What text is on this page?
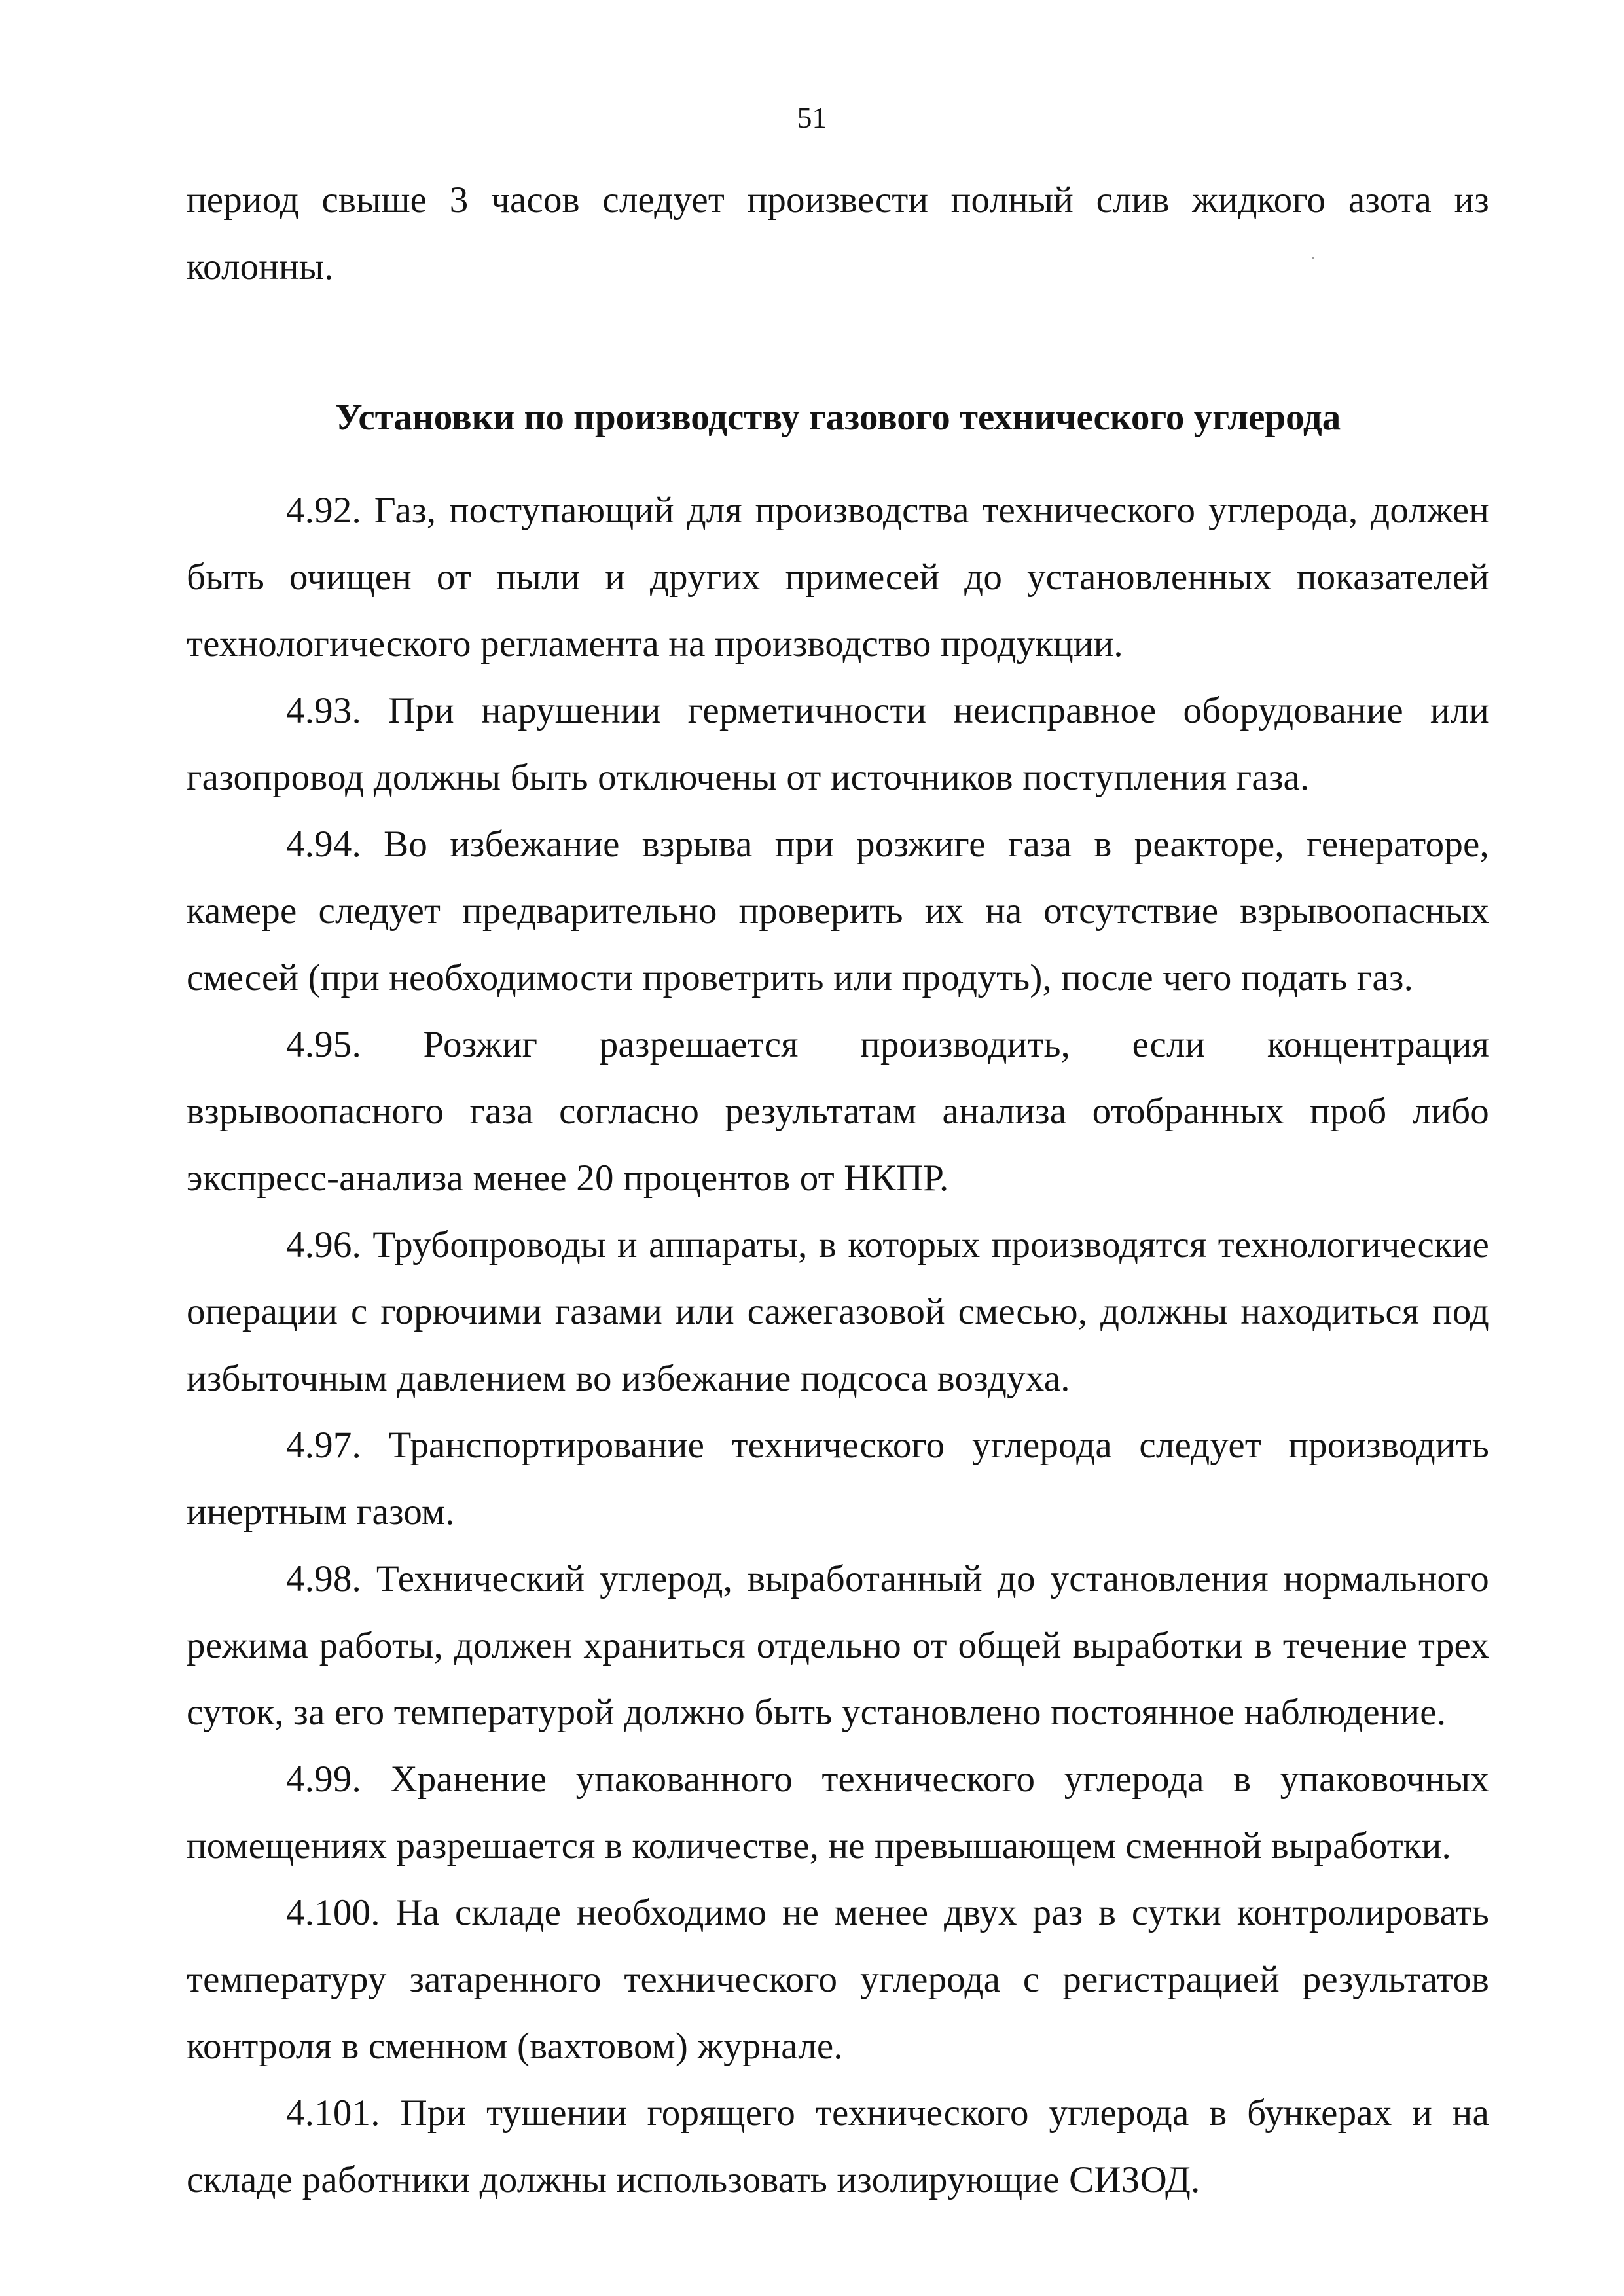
51

период свыше 3 часов следует произвести полный слив жидкого азота из колонны.

Установки по производству газового технического углерода

4.92. Газ, поступающий для производства технического углерода, должен быть очищен от пыли и других примесей до установленных показателей технологического регламента на производство продукции.

4.93. При нарушении герметичности неисправное оборудование или газопровод должны быть отключены от источников поступления газа.

4.94. Во избежание взрыва при розжиге газа в реакторе, генераторе, камере следует предварительно проверить их на отсутствие взрывоопасных смесей (при необходимости проветрить или продуть), после чего подать газ.

4.95. Розжиг разрешается производить, если концентрация взрывоопасного газа согласно результатам анализа отобранных проб либо экспресс-анализа менее 20 процентов от НКПР.

4.96. Трубопроводы и аппараты, в которых производятся технологические операции с горючими газами или сажегазовой смесью, должны находиться под избыточным давлением во избежание подсоса воздуха.

4.97. Транспортирование технического углерода следует производить инертным газом.

4.98. Технический углерод, выработанный до установления нормального режима работы, должен храниться отдельно от общей выработки в течение трех суток, за его температурой должно быть установлено постоянное наблюдение.

4.99. Хранение упакованного технического углерода в упаковочных помещениях разрешается в количестве, не превышающем сменной выработки.

4.100. На складе необходимо не менее двух раз в сутки контролировать температуру затаренного технического углерода с регистрацией результатов контроля в сменном (вахтовом) журнале.

4.101. При тушении горящего технического углерода в бункерах и на складе работники должны использовать изолирующие СИЗОД.
